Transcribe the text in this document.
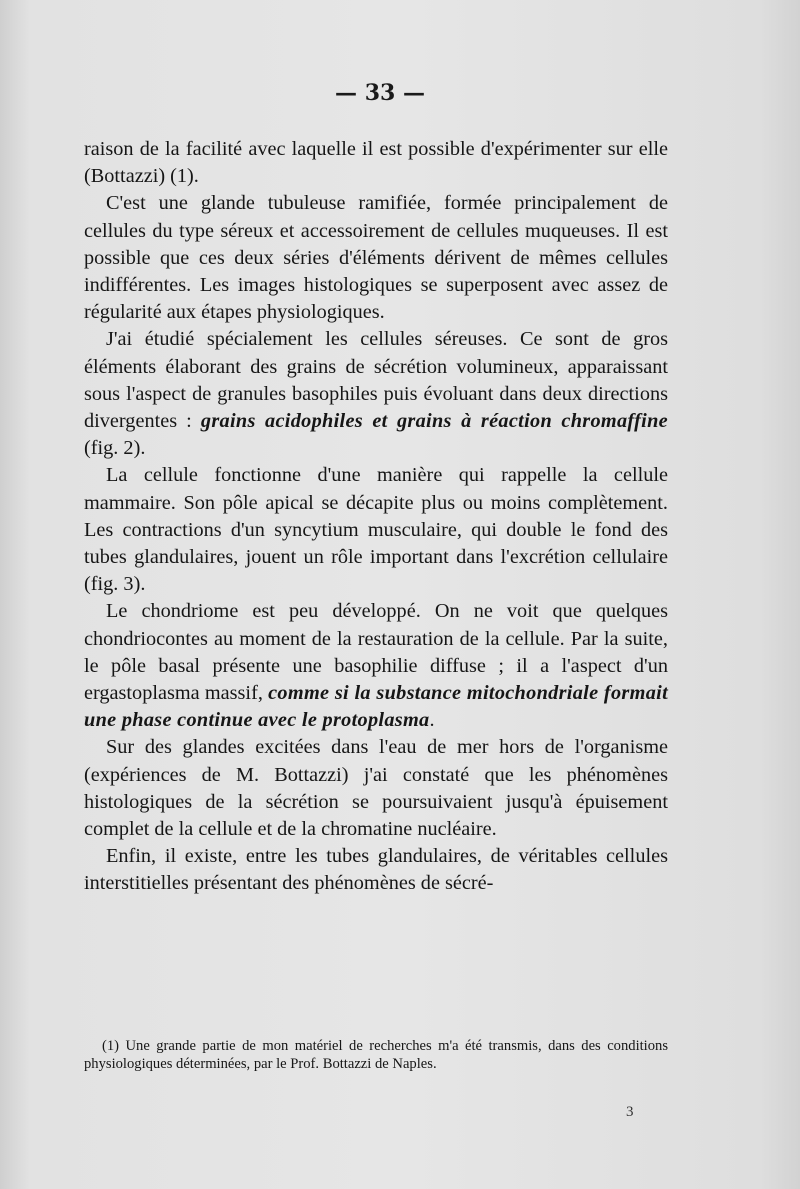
— 33 —

raison de la facilité avec laquelle il est possible d'expérimenter sur elle (Bottazzi) (1).

C'est une glande tubuleuse ramifiée, formée principalement de cellules du type séreux et accessoirement de cellules muqueuses. Il est possible que ces deux séries d'éléments dérivent de mêmes cellules indifférentes. Les images histologiques se superposent avec assez de régularité aux étapes physiologiques.

J'ai étudié spécialement les cellules séreuses. Ce sont de gros éléments élaborant des grains de sécrétion volumineux, apparaissant sous l'aspect de granules basophiles puis évoluant dans deux directions divergentes : grains acidophiles et grains à réaction chromaffine (fig. 2).

La cellule fonctionne d'une manière qui rappelle la cellule mammaire. Son pôle apical se décapite plus ou moins complètement. Les contractions d'un syncytium musculaire, qui double le fond des tubes glandulaires, jouent un rôle important dans l'excrétion cellulaire (fig. 3).

Le chondriome est peu développé. On ne voit que quelques chondriocontes au moment de la restauration de la cellule. Par la suite, le pôle basal présente une basophilie diffuse ; il a l'aspect d'un ergastoplasma massif, comme si la substance mitochondriale formait une phase continue avec le protoplasma.

Sur des glandes excitées dans l'eau de mer hors de l'organisme (expériences de M. Bottazzi) j'ai constaté que les phénomènes histologiques de la sécrétion se poursuivaient jusqu'à épuisement complet de la cellule et de la chromatine nucléaire.

Enfin, il existe, entre les tubes glandulaires, de véritables cellules interstitielles présentant des phénomènes de sécré-

(1) Une grande partie de mon matériel de recherches m'a été transmis, dans des conditions physiologiques déterminées, par le Prof. Bottazzi de Naples.

3
